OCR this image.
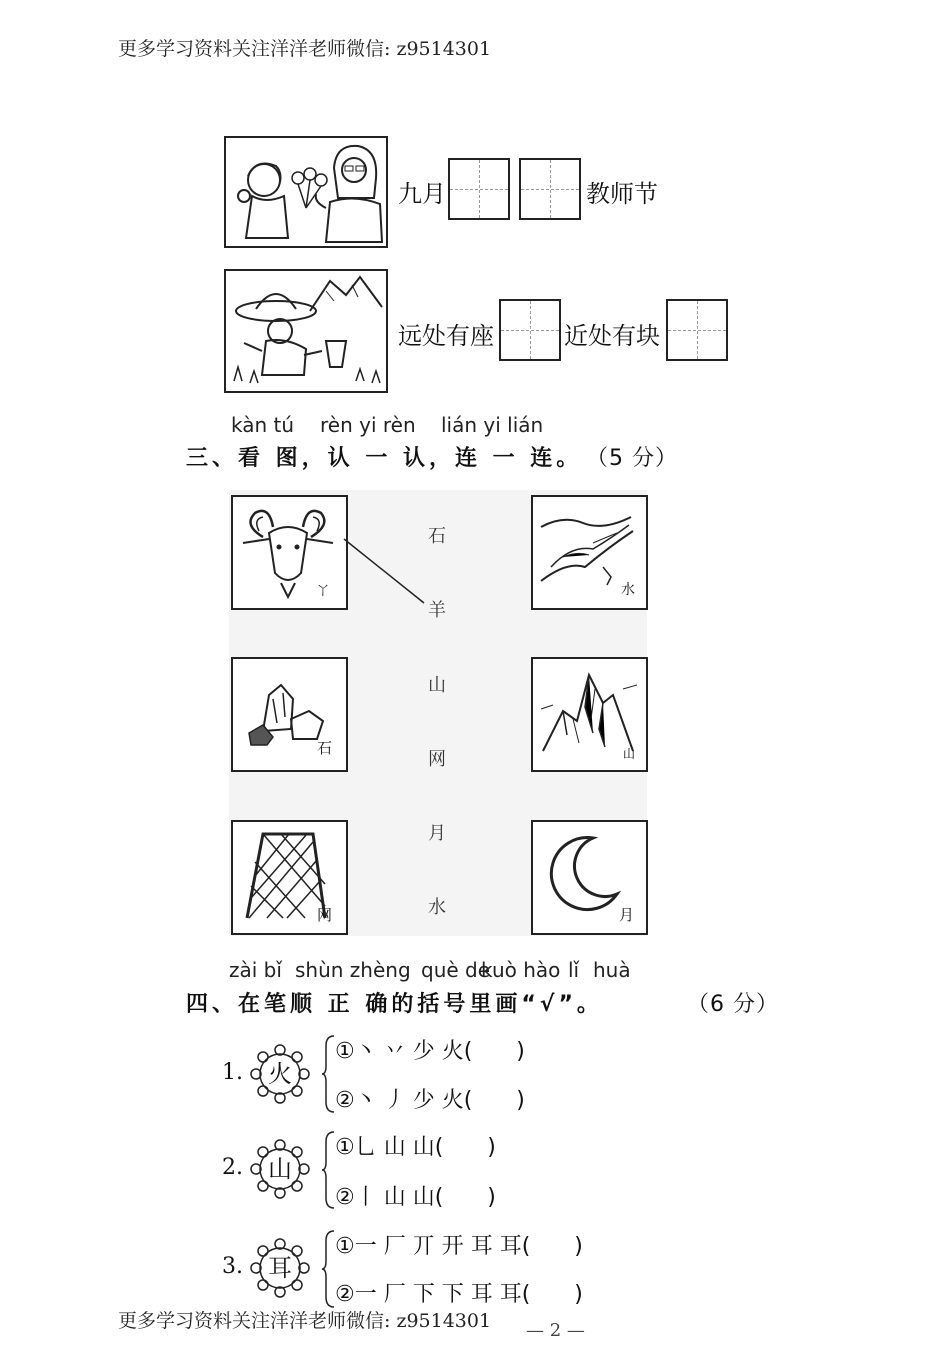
更多学习资料关注洋洋老师微信: z9514301
九月	教师节
远处有座	近处有块
kàn tú rèn yi rèn lián yi lián
三、看 图，认 一 认，连 一 连。 （5 分）
ㄚ
石
网
石
羊
山
网
月
水
水
山
月
zài bǐ shùn zhèng què de
kuò hào lǐ huà
四、在笔顺 正 确的括号里画“√”。	（6 分）
1.	火
①丶 丷 少 火(　　)
②丶 丿 少 火(　　)
2.	山
①乚 山 山(　　)
②丨 山 山(　　)
3.	耳
①一 厂 丌 开 耳 耳(　　)
②一 厂 下 下 耳 耳(　　)
更多学习资料关注洋洋老师微信: z9514301 — 2 —
